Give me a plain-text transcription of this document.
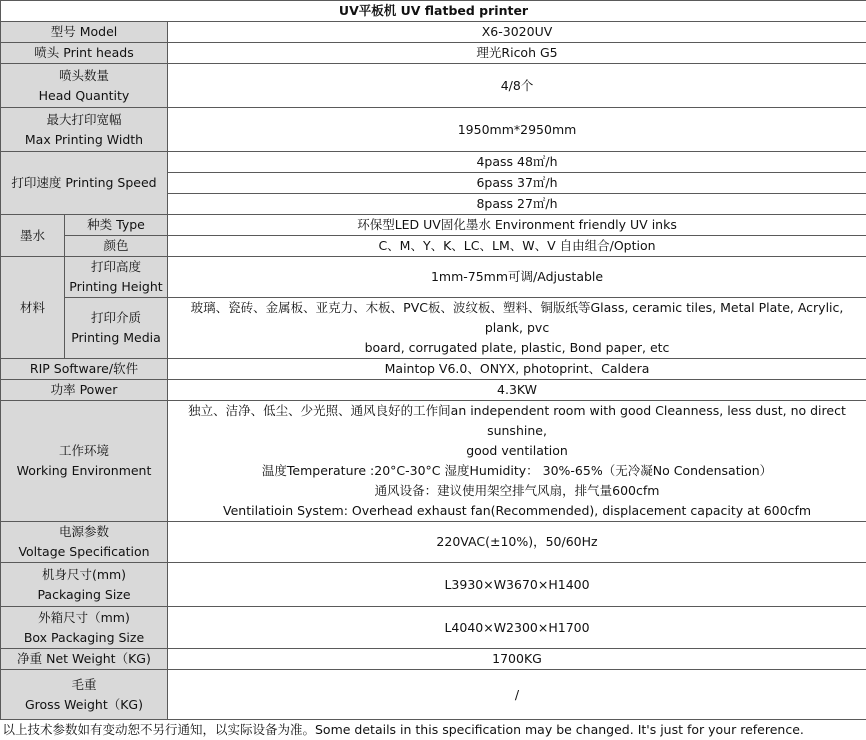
UV平板机 UV flatbed printer		
型号 Model		X6-3020UV
喷头 Print heads		理光Ricoh G5

喷头数量
Head Quantity		4/8个

最大打印宽幅
Max Printing Width		1950mm*2950mm
打印速度 Printing Speed		4pass 48㎡/h
		6pass 37㎡/h
		8pass 27㎡/h
墨水	种类 Type	环保型LED UV固化墨水 Environment friendly UV inks
	颜色	C、M、Y、K、LC、LM、W、V 自由组合/Option
材料	打印高度
Printing Height	1mm-75mm可调/Adjustable

	打印介质
Printing Media	玻璃、瓷砖、金属板、亚克力、木板、PVC板、波纹板、塑料、铜版纸等Glass, ceramic tiles, Metal Plate, Acrylic, plank, pvc
board, corrugated plate, plastic, Bond paper, etc

RIP Software/软件		Maintop V6.0、ONYX, photoprint、Caldera
功率 Power		4.3KW

工作环境
Working Environment		独立、洁净、低尘、少光照、通风良好的工作间an independent room with good Cleanness, less dust, no direct sunshine,
good ventilation
温度Temperature :20°C-30°C 湿度Humidity： 30%-65%（无冷凝No Condensation）
通风设备：建议使用架空排气风扇，排气量600cfm
Ventilatioin System: Overhead exhaust fan(Recommended), displacement capacity at 600cfm

电源参数
Voltage Specification		220VAC(±10%)，50/60Hz

机身尺寸(mm)
Packaging Size		L3930×W3670×H1400

外箱尺寸（mm)
Box Packaging Size		L4040×W2300×H1700
净重 Net Weight（KG)		1700KG

毛重
Gross Weight（KG)		/
以上技术参数如有变动恕不另行通知，以实际设备为准。Some details in this specification may be changed. It's just for your reference.		
